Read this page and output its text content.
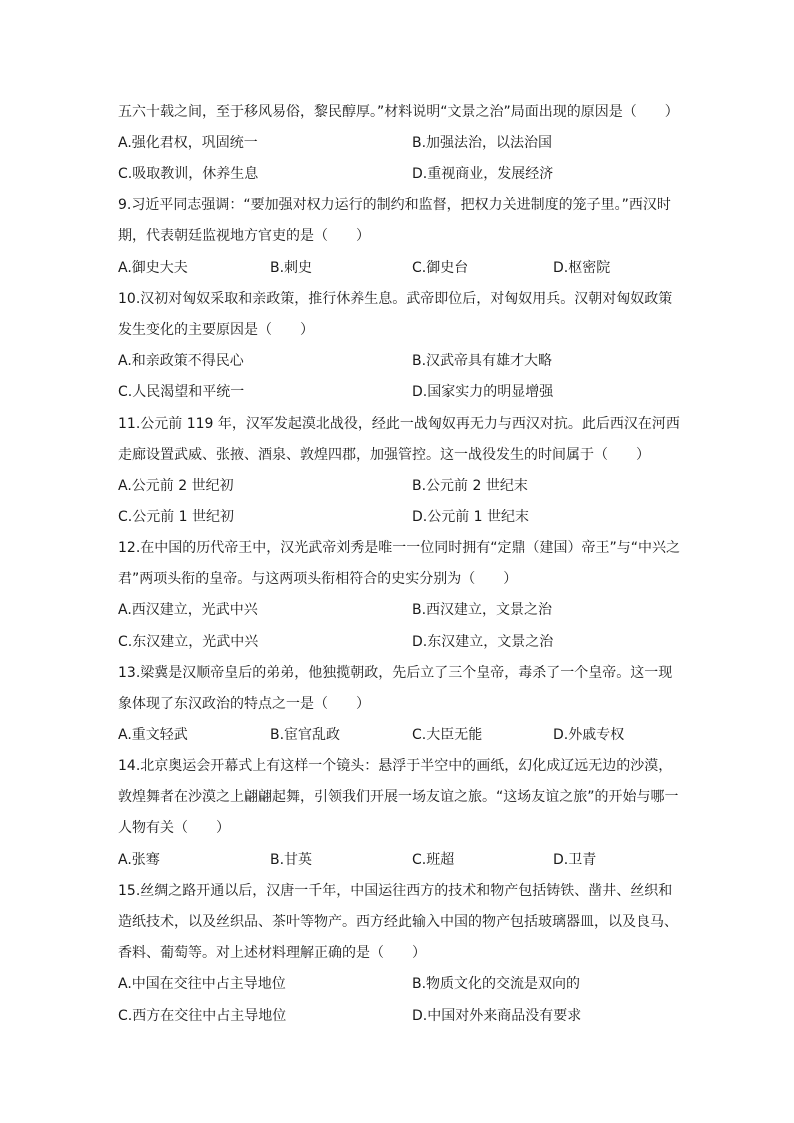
五六十载之间，至于移风易俗，黎民醇厚。”材料说明“文景之治”局面出现的原因是（　　）
A.强化君权，巩固统一	B.加强法治，以法治国
C.吸取教训，休养生息	D.重视商业，发展经济
9.习近平同志强调：“要加强对权力运行的制约和监督，把权力关进制度的笼子里。”西汉时
期，代表朝廷监视地方官吏的是（　　）
A.御史大夫	B.刺史	C.御史台	D.枢密院
10.汉初对匈奴采取和亲政策，推行休养生息。武帝即位后，对匈奴用兵。汉朝对匈奴政策
发生变化的主要原因是（　　）
A.和亲政策不得民心	B.汉武帝具有雄才大略
C.人民渴望和平统一	D.国家实力的明显增强
11.公元前 119 年，汉军发起漠北战役，经此一战匈奴再无力与西汉对抗。此后西汉在河西
走廊设置武威、张掖、酒泉、敦煌四郡，加强管控。这一战役发生的时间属于（　　）
A.公元前 2 世纪初	B.公元前 2 世纪末
C.公元前 1 世纪初	D.公元前 1 世纪末
12.在中国的历代帝王中，汉光武帝刘秀是唯一一位同时拥有“定鼎（建国）帝王”与“中兴之
君”两项头衔的皇帝。与这两项头衔相符合的史实分别为（　　）
A.西汉建立，光武中兴	B.西汉建立，文景之治
C.东汉建立，光武中兴	D.东汉建立，文景之治
13.梁冀是汉顺帝皇后的弟弟，他独揽朝政，先后立了三个皇帝，毒杀了一个皇帝。这一现
象体现了东汉政治的特点之一是（　　）
A.重文轻武	B.宦官乱政	C.大臣无能	D.外戚专权
14.北京奥运会开幕式上有这样一个镜头：悬浮于半空中的画纸，幻化成辽远无边的沙漠，
敦煌舞者在沙漠之上翩翩起舞，引领我们开展一场友谊之旅。“这场友谊之旅”的开始与哪一
人物有关（　　）
A.张骞	B.甘英	C.班超	D.卫青
15.丝绸之路开通以后，汉唐一千年，中国运往西方的技术和物产包括铸铁、凿井、丝织和
造纸技术，以及丝织品、茶叶等物产。西方经此输入中国的物产包括玻璃器皿，以及良马、
香料、葡萄等。对上述材料理解正确的是（　　）
A.中国在交往中占主导地位	B.物质文化的交流是双向的
C.西方在交往中占主导地位	D.中国对外来商品没有要求
